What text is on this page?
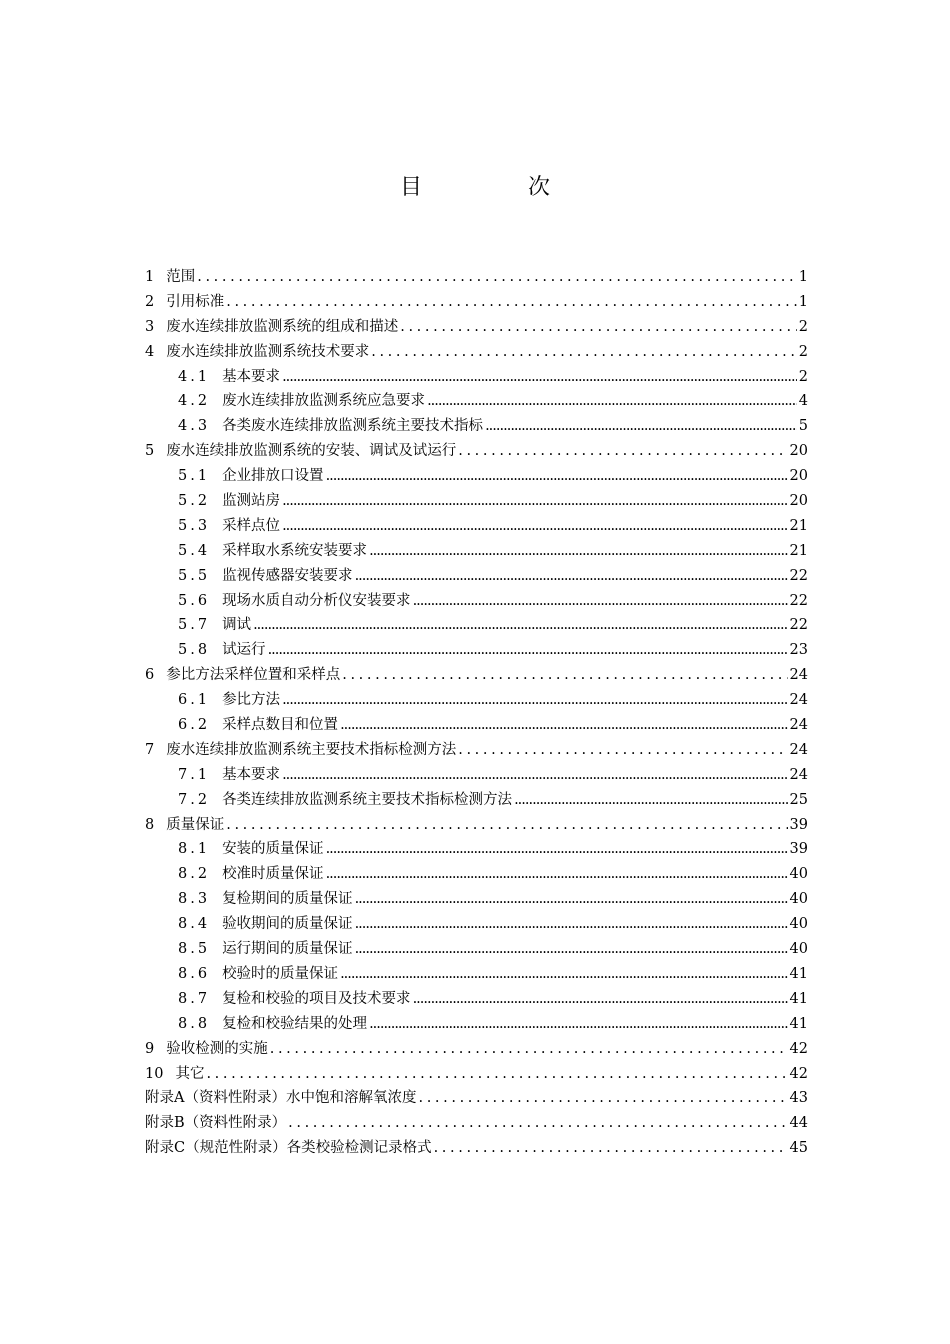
目　次
1 范围 . . .	1
2 引用标准 . . .	1
3 废水连续排放监测系统的组成和描述 . . .	2
4 废水连续排放监测系统技术要求 . . .	2
4.1 基本要求 .....	2
4.2 废水连续排放监测系统应急要求 .....	4
4.3 各类废水连续排放监测系统主要技术指标 .....	5
5 废水连续排放监测系统的安装、调试及试运行 . . .	20
5.1 企业排放口设置 .....	20
5.2 监测站房 .....	20
5.3 采样点位 .....	21
5.4 采样取水系统安装要求 .....	21
5.5 监视传感器安装要求 .....	22
5.6 现场水质自动分析仪安装要求 .....	22
5.7 调试 .....	22
5.8 试运行 .....	23
6 参比方法采样位置和采样点 . . .	24
6.1 参比方法 .....	24
6.2 采样点数目和位置 .....	24
7 废水连续排放监测系统主要技术指标检测方法 . . .	24
7.1 基本要求 .....	24
7.2 各类连续排放监测系统主要技术指标检测方法 .....	25
8 质量保证 . . .	39
8.1 安装的质量保证 .....	39
8.2 校准时质量保证 .....	40
8.3 复检期间的质量保证 .....	40
8.4 验收期间的质量保证 .....	40
8.5 运行期间的质量保证 .....	40
8.6 校验时的质量保证 .....	41
8.7 复检和校验的项目及技术要求 .....	41
8.8 复检和校验结果的处理 .....	41
9 验收检测的实施 . . .	42
10 其它 . . .	42
附录A（资料性附录）水中饱和溶解氧浓度 . . .	43
附录B（资料性附录） . . .	44
附录C（规范性附录）各类校验检测记录格式 . . .	45
